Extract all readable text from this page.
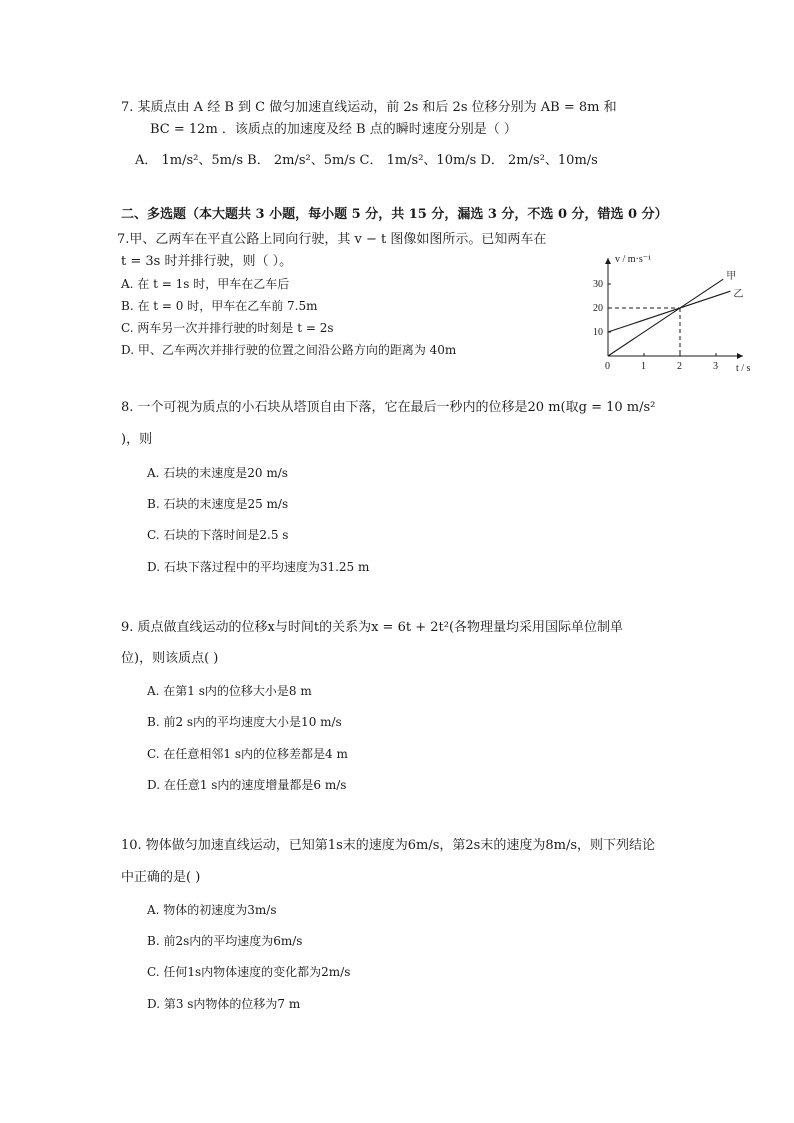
7. 某质点由 A 经 B 到 C 做匀加速直线运动，前 2s 和后 2s 位移分别为 AB = 8m 和
BC = 12m ．该质点的加速度及经 B 点的瞬时速度分别是（ ）
A． 1m/s²、5m/s B． 2m/s²、5m/s C． 1m/s²、10m/s D． 2m/s²、10m/s
二、多选题（本大题共 3 小题，每小题 5 分，共 15 分，漏选 3 分，不选 0 分，错选 0 分）
7.甲、乙两车在平直公路上同向行驶，其 v − t 图像如图所示。已知两车在
t = 3s 时并排行驶，则（ ）。
A. 在 t = 1s 时，甲车在乙车后
B. 在 t = 0 时，甲车在乙车前 7.5m
C. 两车另一次并排行驶的时刻是 t = 2s
D. 甲、乙车两次并排行驶的位置之间沿公路方向的距离为 40m
v / m·s⁻¹
t / s
0	1	2	3
10
20
30
甲
乙
8. 一个可视为质点的小石块从塔顶自由下落，它在最后一秒内的位移是20 m(取g = 10 m/s²
)，则
A. 石块的末速度是20 m/s
B. 石块的末速度是25 m/s
C. 石块的下落时间是2.5 s
D. 石块下落过程中的平均速度为31.25 m
9. 质点做直线运动的位移x与时间t的关系为x = 6t + 2t²(各物理量均采用国际单位制单
位)，则该质点( )
A. 在第1 s内的位移大小是8 m
B. 前2 s内的平均速度大小是10 m/s
C. 在任意相邻1 s内的位移差都是4 m
D. 在任意1 s内的速度增量都是6 m/s
10. 物体做匀加速直线运动，已知第1s末的速度为6m/s，第2s末的速度为8m/s，则下列结论
中正确的是( )
A. 物体的初速度为3m/s
B. 前2s内的平均速度为6m/s
C. 任何1s内物体速度的变化都为2m/s
D. 第3 s内物体的位移为7 m
